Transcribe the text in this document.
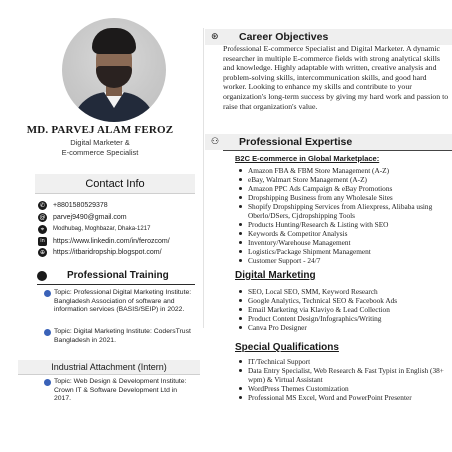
MD. PARVEJ ALAM FEROZ
Digital Marketer &
E-commerce Specialist
Contact Info
✆ +8801580529378
@ parvej9490@gmail.com
⌖	Modhubag, Moghbazar, Dhaka-1217
in	https://www.linkedin.com/in/ferozcom/
⊕ https://itbaridropship.blogspot.com/
Professional Training
Topic: Professional Digital Marketing Institute: Bangladesh Association of software and information services (BASIS/SEIP) in 2022.
Topic: Digital Marketing Institute: CodersTrust Bangladesh in 2021.
Industrial Attachment (Intern)
Topic: Web Design & Development Institute: Crown IT & Software Development Ltd in 2017.
⊛	Career Objectives
Professional E-commerce Specialist and Digital Marketer. A dynamic researcher in multiple E-commerce fields with strong analytical skills and knowledge. Highly adaptable with written, creative analysis and problem-solving skills, intercommunication skills, and good hard worker. Looking to enhance my skills and contribute to your organization's long-term success by giving my hard work and passion to raise that organization's value.
⚇ Professional Expertise
B2C E-commerce in Global Marketplace:
Amazon FBA & FBM Store Management (A-Z)
eBay, Walmart Store Management (A-Z)
Amazon PPC Ads Campaign & eBay Promotions
Dropshipping Business from any Wholesale Sites
Shopify Dropshipping Services from Aliexpress, Alibaba using Oberlo/DSers, Cjdropshipping Tools
Products Hunting/Research & Listing with SEO
Keywords & Competitor Analysis
Inventory/Warehouse Management
Logistics/Package Shipment Management
Customer Support - 24/7
Digital Marketing
SEO, Local SEO, SMM, Keyword Research
Google Analytics, Technical SEO & Facebook Ads
Email Marketing via Klaviyo & Lead Collection
Product Content Design/Infographics/Writing
Canva Pro Designer
Special Qualifications
IT/Technical Support
Data Entry Specialist, Web Research & Fast Typist in English (38+ wpm) & Virtual Assistant
WordPress Themes Customization
Professional MS Excel, Word and PowerPoint Presenter
